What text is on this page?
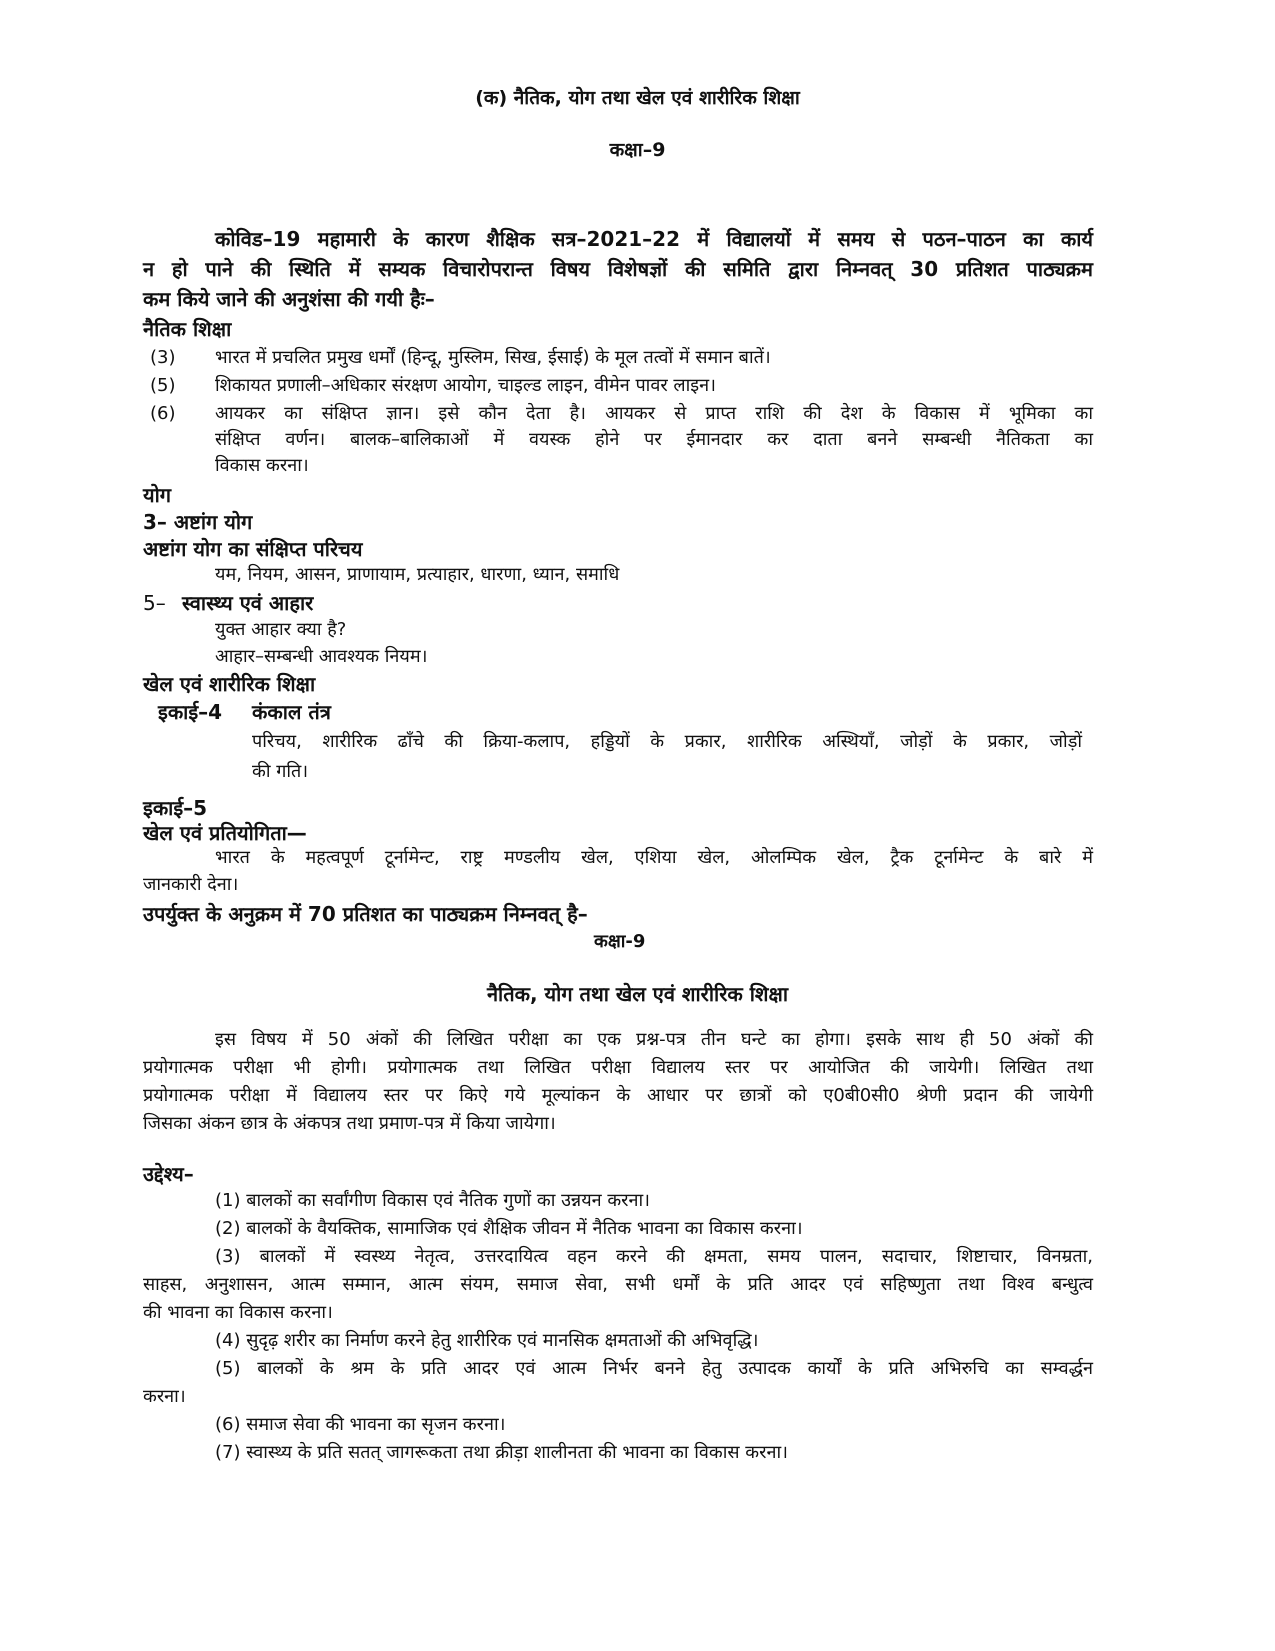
(क) नैतिक, योग तथा खेल एवं शारीरिक शिक्षा

कक्षा–9

कोविड–19 महामारी के कारण शैक्षिक सत्र–2021–22 में विद्यालयों में समय से पठन–पाठन का कार्य

न हो पाने की स्थिति में सम्यक विचारोपरान्त विषय विशेषज्ञों की समिति द्वारा निम्नवत् 30 प्रतिशत पाठ्यक्रम

कम किये जाने की अनुशंसा की गयी हैः–

नैतिक शिक्षा

(3) भारत में प्रचलित प्रमुख धर्मों (हिन्दू, मुस्लिम, सिख, ईसाई) के मूल तत्वों में समान बातें।

(5) शिकायत प्रणाली–अधिकार संरक्षण आयोग, चाइल्ड लाइन, वीमेन पावर लाइन।

(6) आयकर का संक्षिप्त ज्ञान। इसे कौन देता है। आयकर से प्राप्त राशि की देश के विकास में भूमिका का

संक्षिप्त वर्णन। बालक–बालिकाओं में वयस्क होने पर ईमानदार कर दाता बनने सम्बन्धी नैतिकता का

विकास करना।

योग

3– अष्टांग योग

अष्टांग योग का संक्षिप्त परिचय

यम, नियम, आसन, प्राणायाम, प्रत्याहार, धारणा, ध्यान, समाधि

5– स्वास्थ्य एवं आहार

युक्त आहार क्या है?

आहार–सम्बन्धी आवश्यक नियम।

खेल एवं शारीरिक शिक्षा

इकाई–4 कंकाल तंत्र

परिचय, शारीरिक ढाँचे की क्रिया-कलाप, हड्डियों के प्रकार, शारीरिक अस्थियाँ, जोड़ों के प्रकार, जोड़ों

की गति।

इकाई–5

खेल एवं प्रतियोगिता—

भारत के महत्वपूर्ण टूर्नामेन्ट, राष्ट्र मण्डलीय खेल, एशिया खेल, ओलम्पिक खेल, ट्रैक टूर्नामेन्ट के बारे में

जानकारी देना।

उपर्युक्त के अनुक्रम में 70 प्रतिशत का पाठ्यक्रम निम्नवत् है–

कक्षा-9

नैतिक, योग तथा खेल एवं शारीरिक शिक्षा

इस विषय में 50 अंकों की लिखित परीक्षा का एक प्रश्न-पत्र तीन घन्टे का होगा। इसके साथ ही 50 अंकों की

प्रयोगात्मक परीक्षा भी होगी। प्रयोगात्मक तथा लिखित परीक्षा विद्यालय स्तर पर आयोजित की जायेगी। लिखित तथा

प्रयोगात्मक परीक्षा में विद्यालय स्तर पर किऐ गये मूल्यांकन के आधार पर छात्रों को ए0बी0सी0 श्रेणी प्रदान की जायेगी

जिसका अंकन छात्र के अंकपत्र तथा प्रमाण-पत्र में किया जायेगा।

उद्देश्य–

(1) बालकों का सर्वांगीण विकास एवं नैतिक गुणों का उन्नयन करना।

(2) बालकों के वैयक्तिक, सामाजिक एवं शैक्षिक जीवन में नैतिक भावना का विकास करना।

(3) बालकों में स्वस्थ्य नेतृत्व, उत्तरदायित्व वहन करने की क्षमता, समय पालन, सदाचार, शिष्टाचार, विनम्रता,

साहस, अनुशासन, आत्म सम्मान, आत्म संयम, समाज सेवा, सभी धर्मों के प्रति आदर एवं सहिष्णुता तथा विश्व बन्धुत्व

की भावना का विकास करना।

(4) सुदृढ़ शरीर का निर्माण करने हेतु शारीरिक एवं मानसिक क्षमताओं की अभिवृद्धि।

(5) बालकों के श्रम के प्रति आदर एवं आत्म निर्भर बनने हेतु उत्पादक कार्यों के प्रति अभिरुचि का सम्वर्द्धन

करना।

(6) समाज सेवा की भावना का सृजन करना।

(7) स्वास्थ्य के प्रति सतत् जागरूकता तथा क्रीड़ा शालीनता की भावना का विकास करना।
